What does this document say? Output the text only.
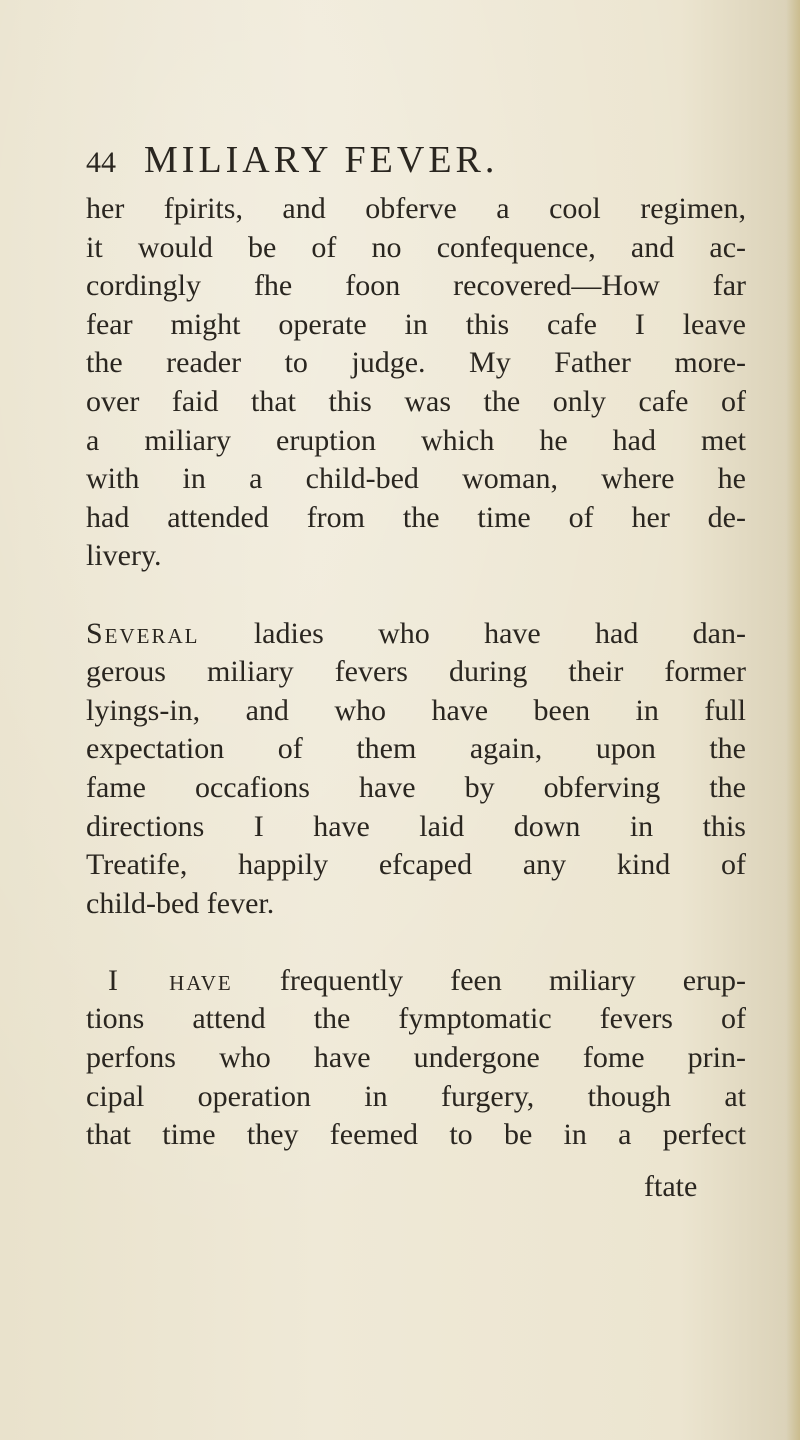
44 MILIARY FEVER.
her fpirits, and obferve a cool regimen,
it would be of no confequence, and ac-
cordingly fhe foon recovered—How far
fear might operate in this cafe I leave
the reader to judge. My Father more-
over faid that this was the only cafe of
a miliary eruption which he had met
with in a child-bed woman, where he
had attended from the time of her de-
livery.
Several ladies who have had dan-
gerous miliary fevers during their former
lyings-in, and who have been in full
expectation of them again, upon the
fame occafions have by obferving the
directions I have laid down in this
Treatife, happily efcaped any kind of
child-bed fever.
I have frequently feen miliary erup-
tions attend the fymptomatic fevers of
perfons who have undergone fome prin-
cipal operation in furgery, though at
that time they feemed to be in a perfect
ftate
